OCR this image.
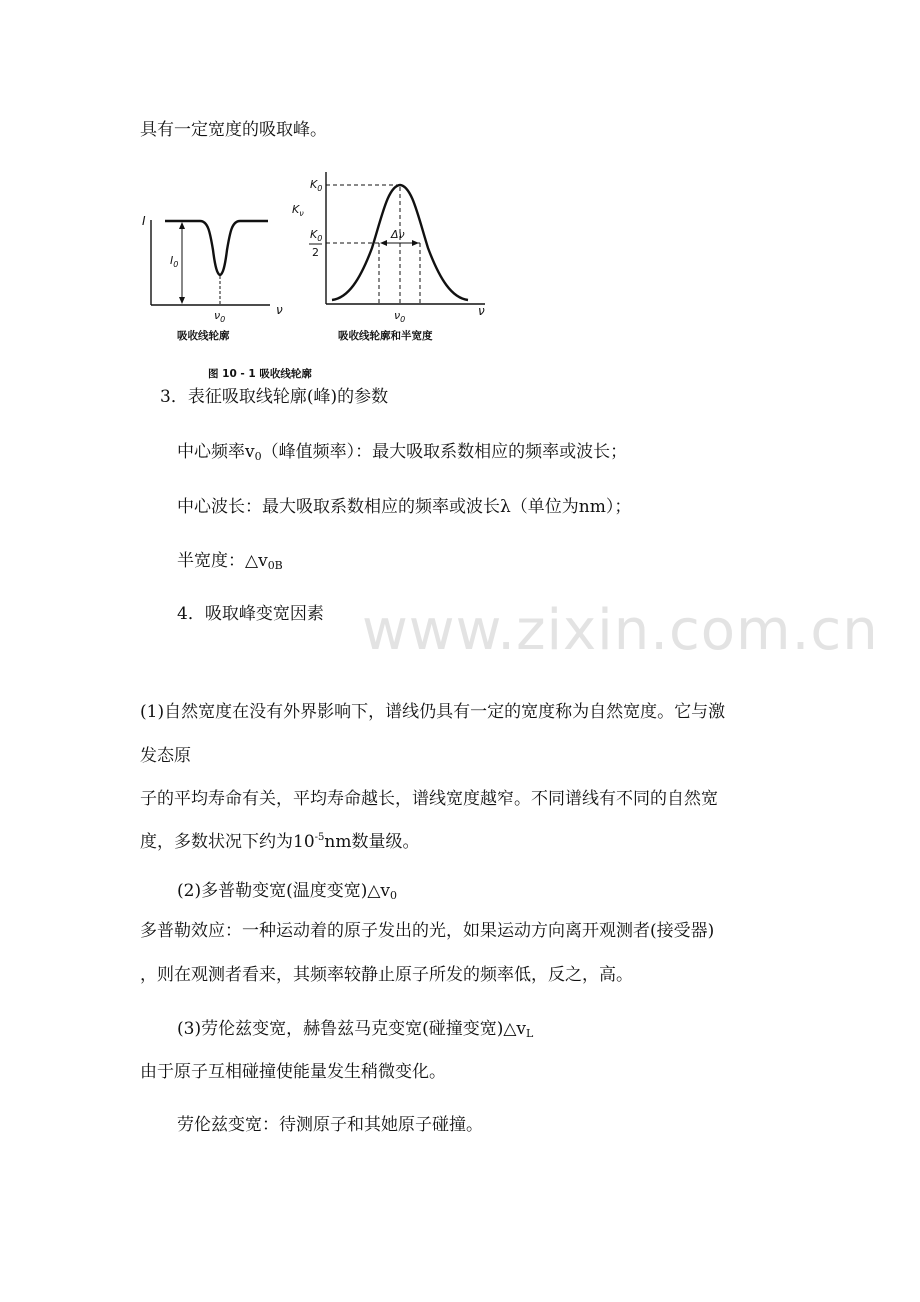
具有一定宽度的吸取峰。
I
$I_0$
$\nu_0$
ν
吸收线轮廓
$K_0$
$K_\nu$
$K_0$
2
Δν
$\nu_0$
ν
吸收线轮廓和半宽度
图 10 - 1 吸收线轮廓
3．表征吸取线轮廓(峰)的参数
中心频率$v_0$（峰值频率）：最大吸取系数相应的频率或波长；
中心波长：最大吸取系数相应的频率或波长λ（单位为nm）；
半宽度：$\triangle v_{0B}$
4．吸取峰变宽因素 www.zixin.com.cn
(1)自然宽度在没有外界影响下，谱线仍具有一定的宽度称为自然宽度。它与激
发态原
子的平均寿命有关，平均寿命越长，谱线宽度越窄。不同谱线有不同的自然宽
度，多数状况下约为$10^{-5}nm$数量级。
(2)多普勒变宽(温度变宽)$\triangle v_0$
多普勒效应：一种运动着的原子发出的光，如果运动方向离开观测者(接受器)
，则在观测者看来，其频率较静止原子所发的频率低，反之，高。
(3)劳伦兹变宽，赫鲁兹马克变宽(碰撞变宽)$\triangle v_L$
由于原子互相碰撞使能量发生稍微变化。
劳伦兹变宽：待测原子和其她原子碰撞。
